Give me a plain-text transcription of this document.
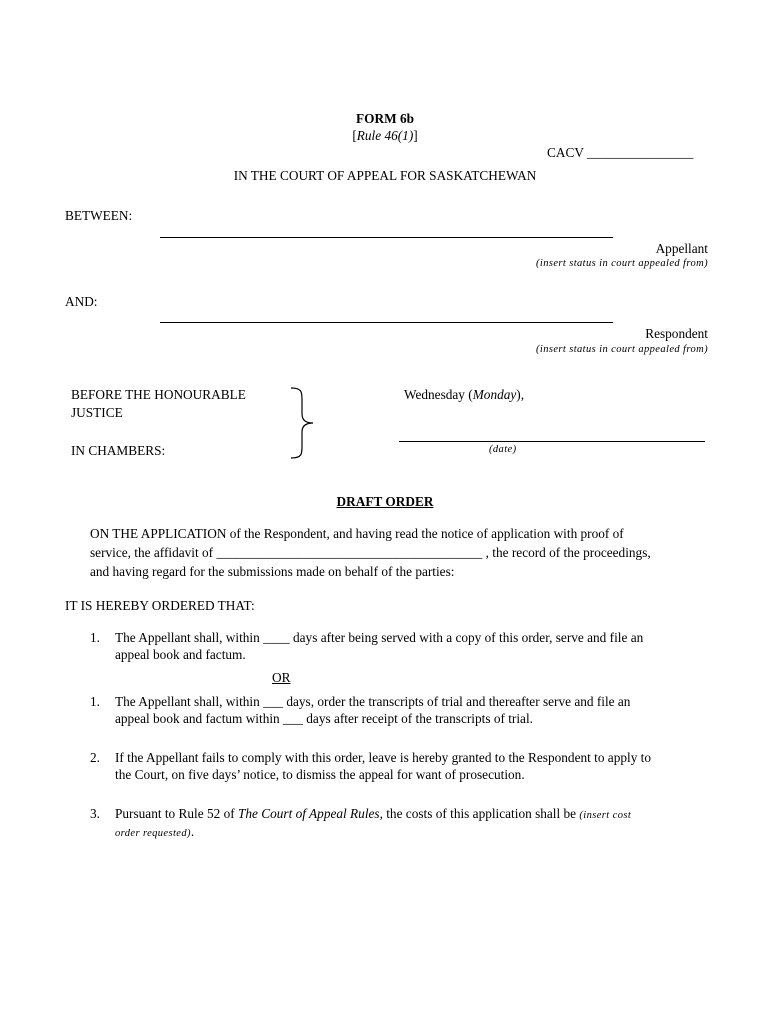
FORM 6b
[Rule 46(1)]
CACV ________________
IN THE COURT OF APPEAL FOR SASKATCHEWAN
BETWEEN:
Appellant
(insert status in court appealed from)
AND:
Respondent
(insert status in court appealed from)
BEFORE THE HONOURABLE
JUSTICE
IN CHAMBERS:
Wednesday (Monday),
(date)
DRAFT ORDER
ON THE APPLICATION of the Respondent, and having read the notice of application with proof of
service, the affidavit of ________________________________________ , the record of the proceedings,
and having regard for the submissions made on behalf of the parties:
IT IS HEREBY ORDERED THAT:
1. The Appellant shall, within ____ days after being served with a copy of this order, serve and file an
appeal book and factum.
OR
1. The Appellant shall, within ___ days, order the transcripts of trial and thereafter serve and file an
appeal book and factum within ___ days after receipt of the transcripts of trial.
2. If the Appellant fails to comply with this order, leave is hereby granted to the Respondent to apply to
the Court, on five days’ notice, to dismiss the appeal for want of prosecution.
3. Pursuant to Rule 52 of The Court of Appeal Rules, the costs of this application shall be (insert cost
order requested).
